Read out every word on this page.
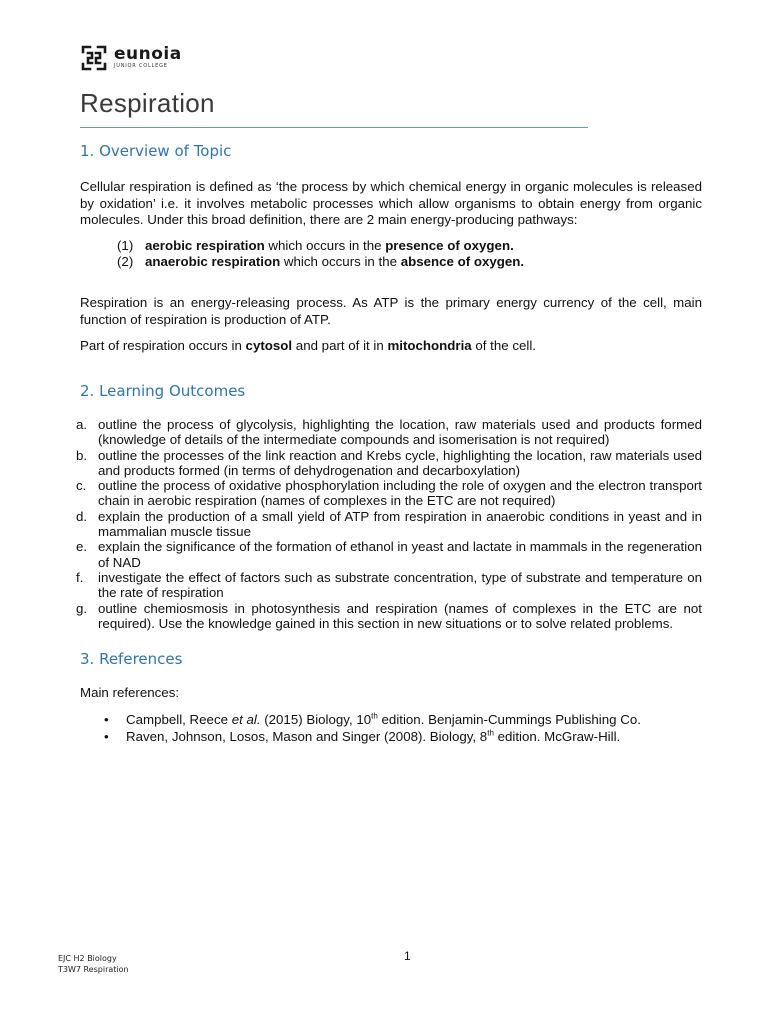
eunoia
JUNIOR COLLEGE
Respiration
1. Overview of Topic

Cellular respiration is defined as ‘the process by which chemical energy in organic molecules is released by oxidation’ i.e. it involves metabolic processes which allow organisms to obtain energy from organic molecules. Under this broad definition, there are 2 main energy-producing pathways:

(1) aerobic respiration which occurs in the presence of oxygen.
(2) anaerobic respiration which occurs in the absence of oxygen.

Respiration is an energy-releasing process. As ATP is the primary energy currency of the cell, main function of respiration is production of ATP.

Part of respiration occurs in cytosol and part of it in mitochondria of the cell.

2. Learning Outcomes
a. outline the process of glycolysis, highlighting the location, raw materials used and products formed (knowledge of details of the intermediate compounds and isomerisation is not required)
b. outline the processes of the link reaction and Krebs cycle, highlighting the location, raw materials used and products formed (in terms of dehydrogenation and decarboxylation)
c. outline the process of oxidative phosphorylation including the role of oxygen and the electron transport chain in aerobic respiration (names of complexes in the ETC are not required)
d. explain the production of a small yield of ATP from respiration in anaerobic conditions in yeast and in mammalian muscle tissue
e. explain the significance of the formation of ethanol in yeast and lactate in mammals in the regeneration of NAD
f.	investigate the effect of factors such as substrate concentration, type of substrate and temperature on the rate of respiration
g. outline chemiosmosis in photosynthesis and respiration (names of complexes in the ETC are not required). Use the knowledge gained in this section in new situations or to solve related problems.
3. References

Main references:

•	Campbell, Reece et al. (2015) Biology, 10th edition. Benjamin-Cummings Publishing Co.
•	Raven, Johnson, Losos, Mason and Singer (2008). Biology, 8th edition. McGraw-Hill.
EJC H2 Biology
T3W7 Respiration
1
